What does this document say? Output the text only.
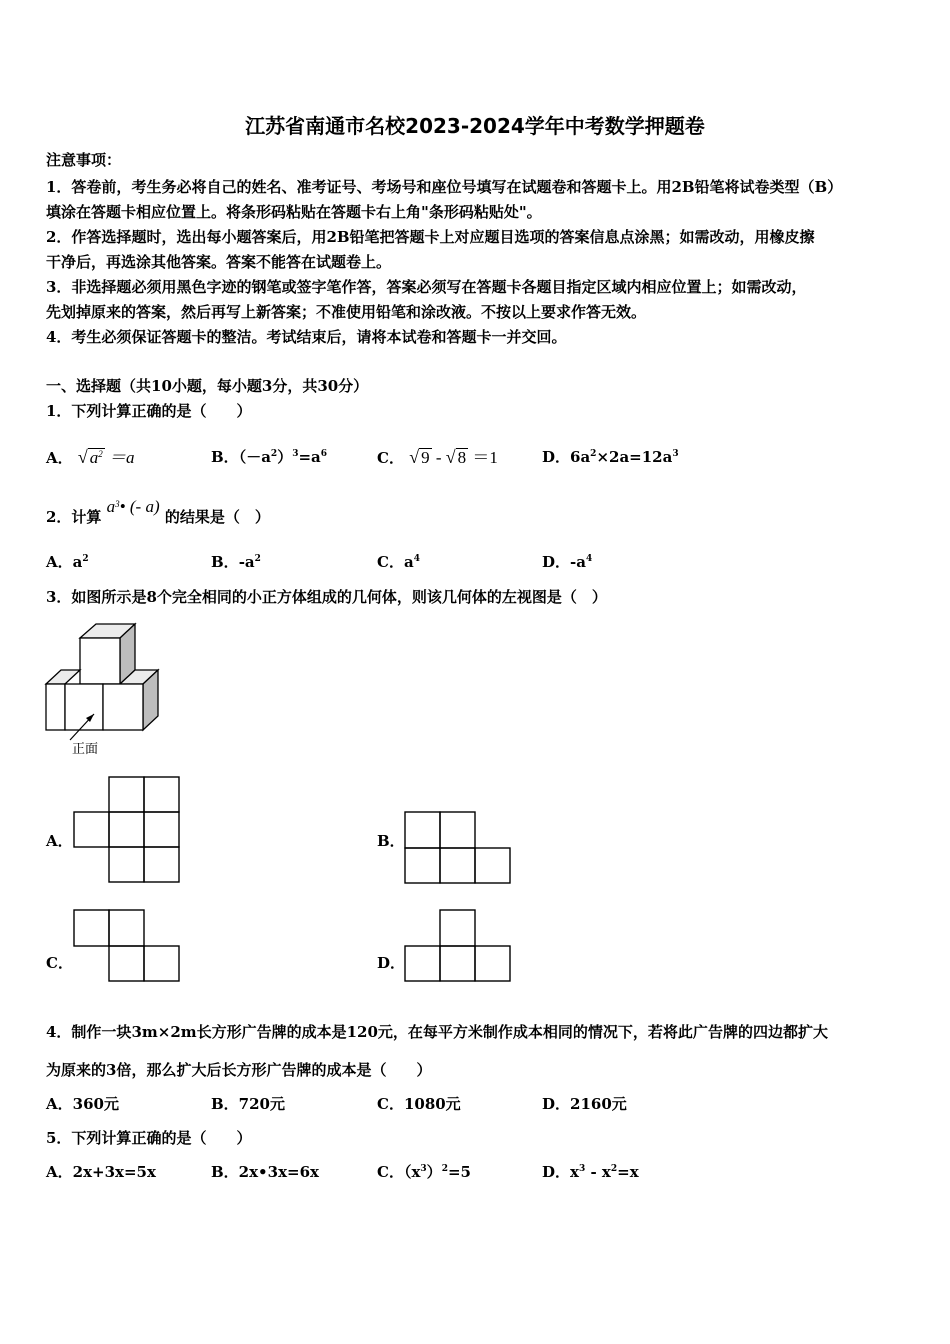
江苏省南通市名校2023-2024学年中考数学押题卷
注意事项：
1．答卷前，考生务必将自己的姓名、准考证号、考场号和座位号填写在试题卷和答题卡上。用2B铅笔将试卷类型（B）
填涂在答题卡相应位置上。将条形码粘贴在答题卡右上角"条形码粘贴处"。
2．作答选择题时，选出每小题答案后，用2B铅笔把答题卡上对应题目选项的答案信息点涂黑；如需改动，用橡皮擦
干净后，再选涂其他答案。答案不能答在试题卷上。
3．非选择题必须用黑色字迹的钢笔或签字笔作答，答案必须写在答题卡各题目指定区域内相应位置上；如需改动，
先划掉原来的答案，然后再写上新答案；不准使用铅笔和涂改液。不按以上要求作答无效。
4．考生必须保证答题卡的整洁。考试结束后，请将本试卷和答题卡一并交回。
一、选择题（共10小题，每小题3分，共30分）
1．下列计算正确的是（　　）
A． √ $a^2 =a$	B．$(-a^2)^3=a^6$	C． √ 9 - √ 8 ＝1	D．$6a^2\times 2a=12a^3$
2．计算 $a^3•$ (- a) 的结果是（　）
A．$a^2$	B．$-a^2$	C．$a^4$	D．$-a^4$
3．如图所示是8个完全相同的小正方体组成的几何体，则该几何体的左视图是（　）
正面
A．	B．
C．	D．
4．制作一块3m×2m长方形广告牌的成本是120元，在每平方米制作成本相同的情况下，若将此广告牌的四边都扩大
为原来的3倍，那么扩大后长方形广告牌的成本是（　　）
A．360元	B．720元	C．1080元	D．2160元
5．下列计算正确的是（　　）
A．2x+3x=5x	B．2x•3x=6x	C．$(x^3)^2=5$	D．$x^3 - x^2=x$
